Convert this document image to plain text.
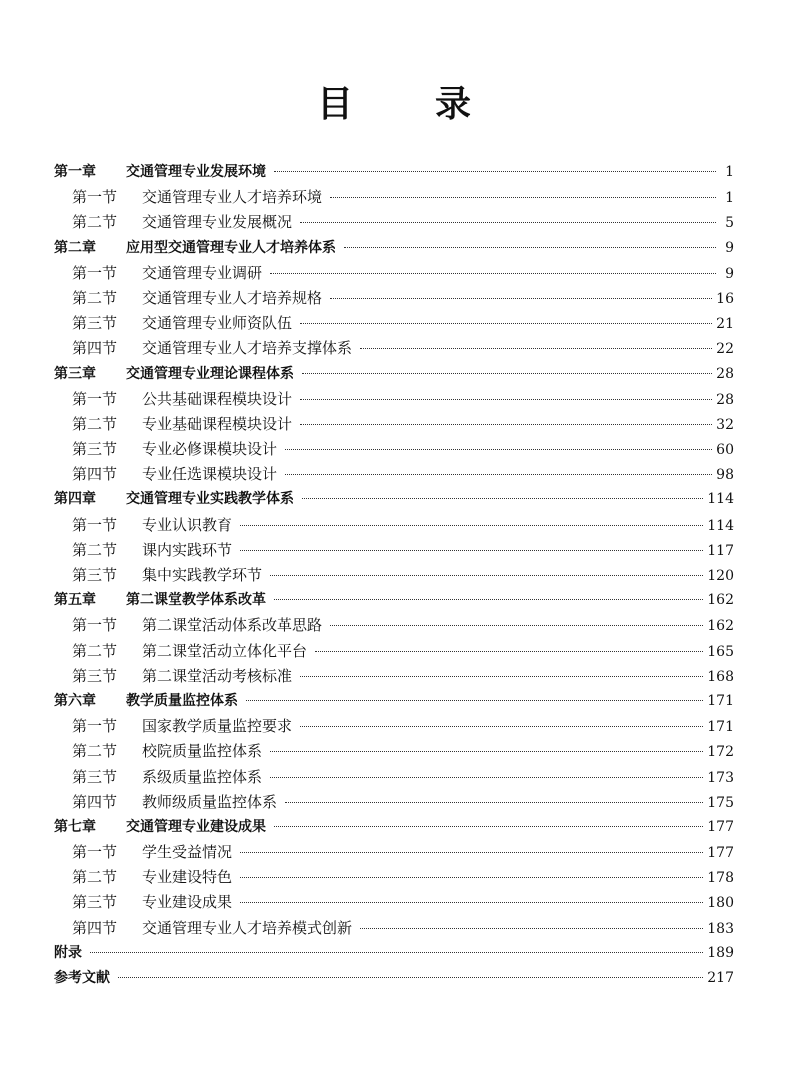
目 录
第一章	交通管理专业发展环境	1
第一节	交通管理专业人才培养环境	1
第二节	交通管理专业发展概况	5
第二章	应用型交通管理专业人才培养体系	9
第一节	交通管理专业调研	9
第二节	交通管理专业人才培养规格	16
第三节	交通管理专业师资队伍	21
第四节	交通管理专业人才培养支撑体系	22
第三章	交通管理专业理论课程体系	28
第一节	公共基础课程模块设计	28
第二节	专业基础课程模块设计	32
第三节	专业必修课模块设计	60
第四节	专业任选课模块设计	98
第四章	交通管理专业实践教学体系	114
第一节	专业认识教育	114
第二节	课内实践环节	117
第三节	集中实践教学环节	120
第五章	第二课堂教学体系改革	162
第一节	第二课堂活动体系改革思路	162
第二节	第二课堂活动立体化平台	165
第三节	第二课堂活动考核标准	168
第六章	教学质量监控体系	171
第一节	国家教学质量监控要求	171
第二节	校院质量监控体系	172
第三节	系级质量监控体系	173
第四节	教师级质量监控体系	175
第七章	交通管理专业建设成果	177
第一节	学生受益情况	177
第二节	专业建设特色	178
第三节	专业建设成果	180
第四节	交通管理专业人才培养模式创新	183
附录	189
参考文献	217
